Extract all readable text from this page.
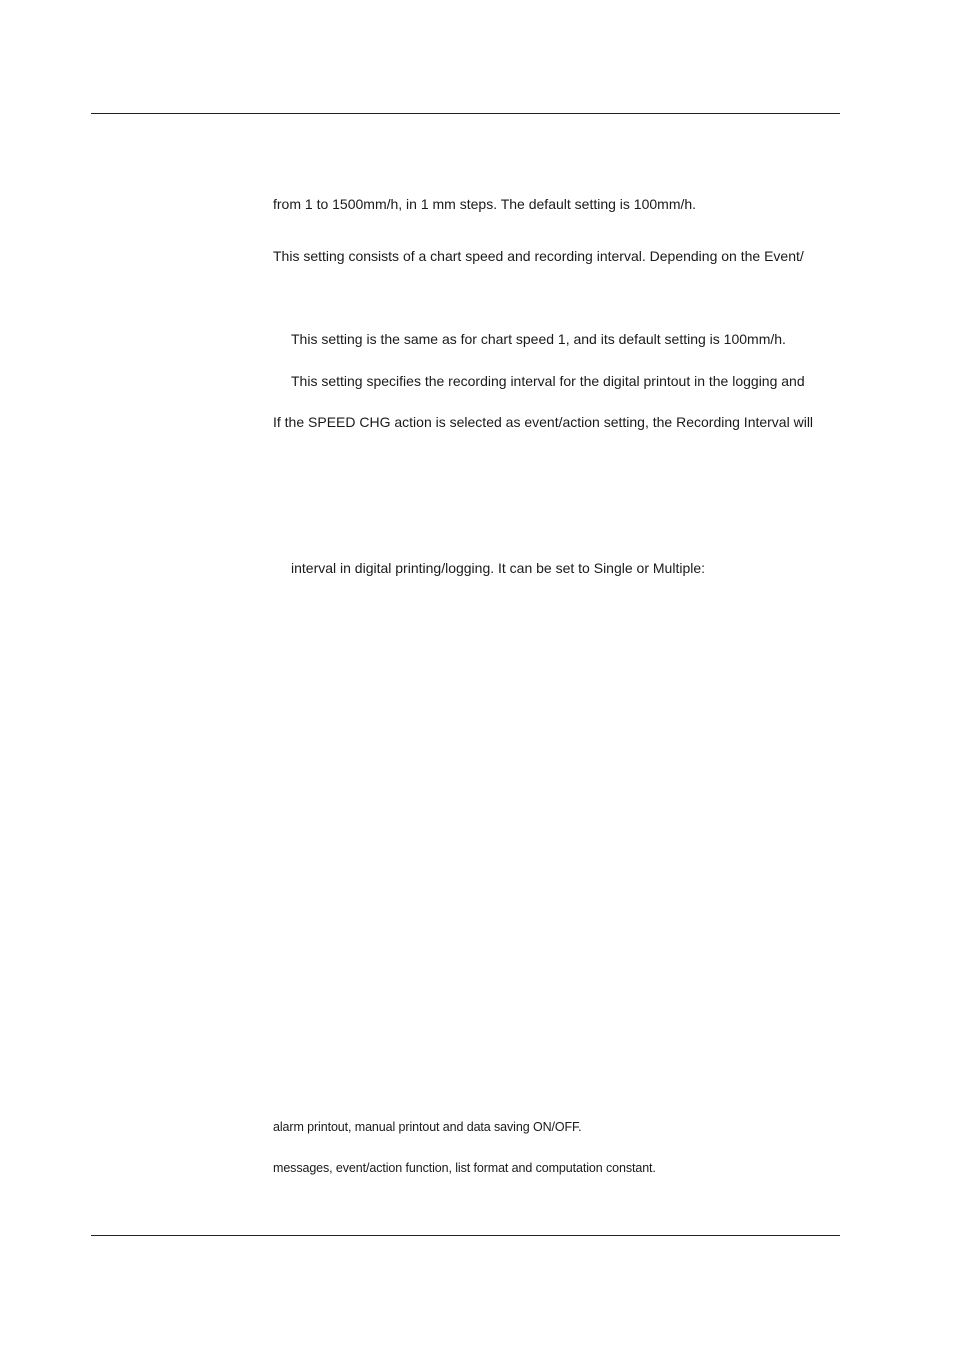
from 1 to 1500mm/h, in 1 mm steps. The default setting is 100mm/h.
This setting consists of a chart speed and recording interval. Depending on the Event/
This setting is the same as for chart speed 1, and its default setting is 100mm/h.
This setting specifies the recording interval for the digital printout in the logging and
If the SPEED CHG action is selected as event/action setting, the Recording Interval will
interval in digital printing/logging. It can be set to Single or Multiple:
alarm printout, manual printout and data saving ON/OFF.
messages, event/action function, list format and computation constant.
